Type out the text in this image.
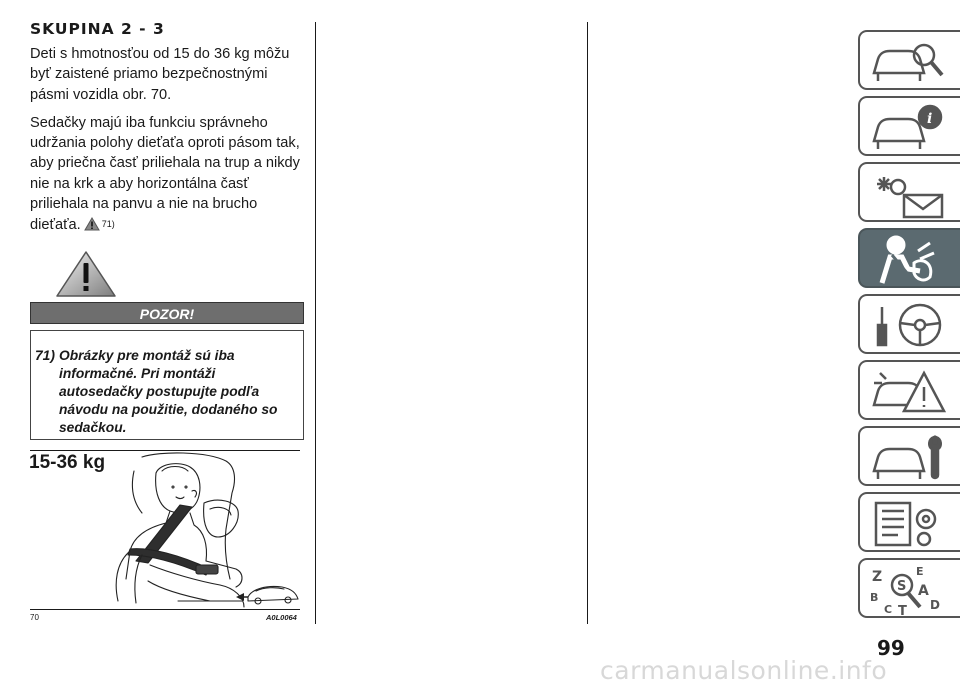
SKUPINA 2 - 3

Deti s hmotnosťou od 15 do 36 kg môžu byť zaistené priamo bezpečnostnými pásmi vozidla obr. 70.

Sedačky majú iba funkciu správneho udržania polohy dieťaťa oproti pásom tak, aby priečna časť priliehala na trup a nikdy nie na krk a aby horizontálna časť priliehala na panvu a nie na brucho dieťaťa. 71)

POZOR!

71) Obrázky pre montáž sú iba informačné. Pri montáži autosedačky postupujte podľa návodu na použitie, dodaného so sedačkou.

15-36 kg
70	A0L0064
i
Z	E
A
B
C T D
S
99
carmanualsonline.info
